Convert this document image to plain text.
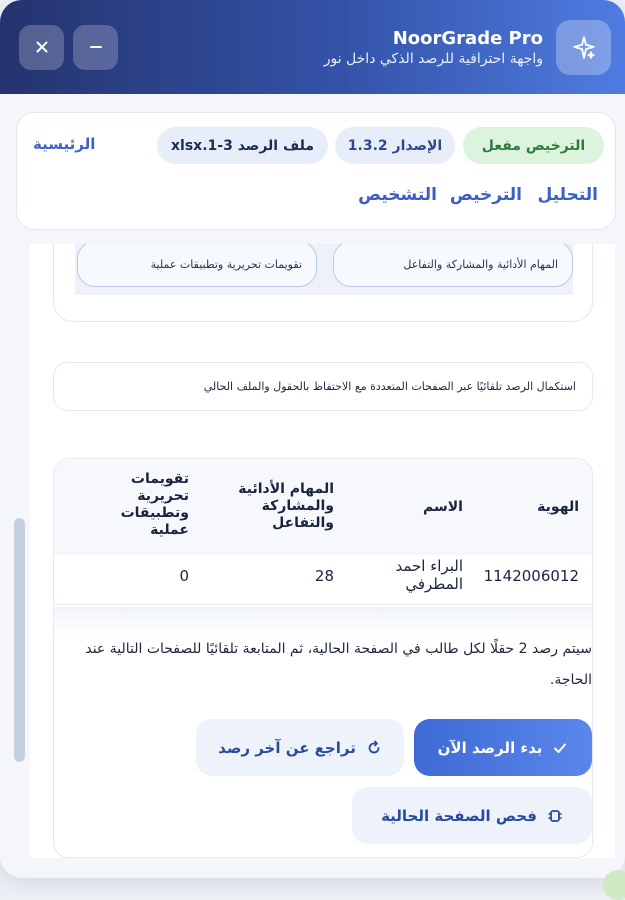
NoorGrade Pro
واجهة احترافية للرصد الذكي داخل نور
الترخيص مفعل
الإصدار 1.3.2
ملف الرصد 3-xlsx.1
الرئيسية
التحليل
الترخيص
التشخيص
المهام الأدائية والمشاركة والتفاعل
تقويمات تحريرية وتطبيقات عملية
استكمال الرصد تلقائيًا عبر الصفحات المتعددة مع الاحتفاظ بالحقول والملف الحالي
الهوية
الاسم
المهام الأدائية والمشاركة والتفاعل
تقويمات تحريرية وتطبيقات عملية
1142006012
البراء احمد المطرفي
28
0
سيتم رصد 2 حقلًا لكل طالب في الصفحة الحالية، ثم المتابعة تلقائيًا للصفحات التالية عند الحاجة.
بدء الرصد الآن
تراجع عن آخر رصد
فحص الصفحة الحالية
